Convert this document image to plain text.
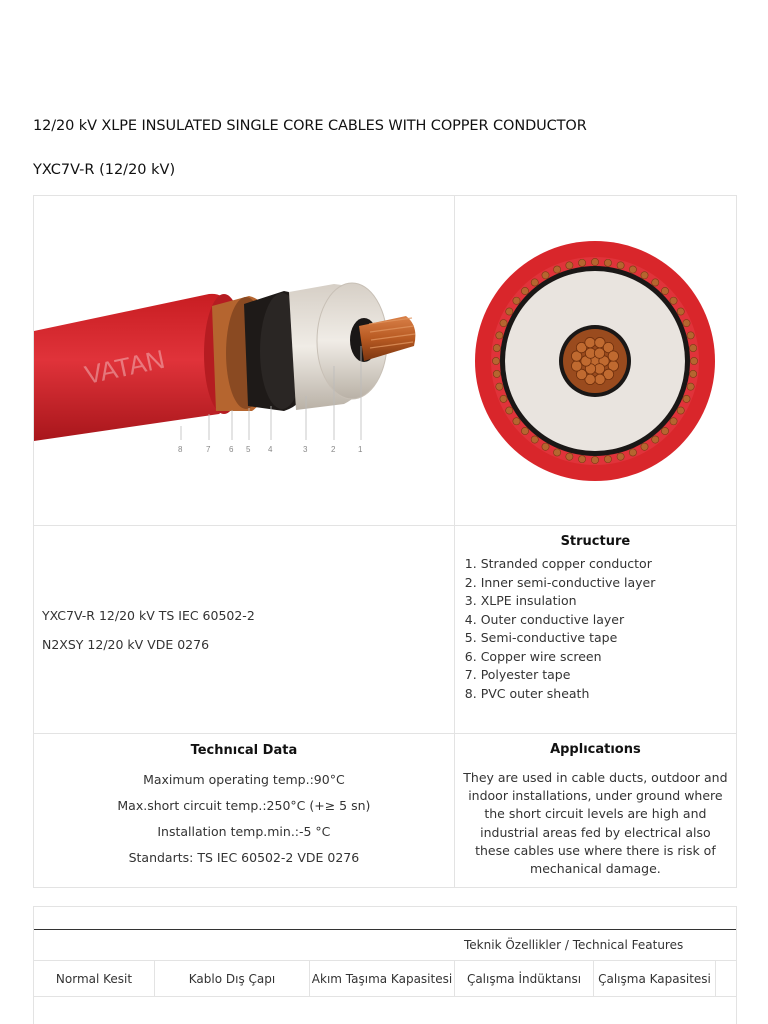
12/20 kV XLPE INSULATED SINGLE CORE CABLES WITH COPPER CONDUCTOR
YXC7V-R (12/20 kV)
VATAN
8	7 6 5 4	3	2	1
YXC7V-R 12/20 kV TS IEC 60502-2
N2XSY 12/20 kV VDE 0276
Structure
1. Stranded copper conductor
2. Inner semi-conductive layer
3. XLPE insulation
4. Outer conductive layer
5. Semi-conductive tape
6. Copper wire screen
7. Polyester tape
8. PVC outer sheath
Technıcal Data
Maximum operating temp.:90°C
Max.short circuit temp.:250°C (+≥ 5 sn)
Installation temp.min.:-5 °C
Standarts: TS IEC 60502-2 VDE 0276
Applıcatıons
They are used in cable ducts, outdoor and indoor installations, under ground where the short circuit levels are high and industrial areas fed by electrical also these cables use where there is risk of mechanical damage.
Teknik Özellikler / Technical Features
Normal Kesit	Kablo Dış Çapı	Akım Taşıma Kapasitesi	Çalışma İndüktansı	Çalışma Kapasitesi
